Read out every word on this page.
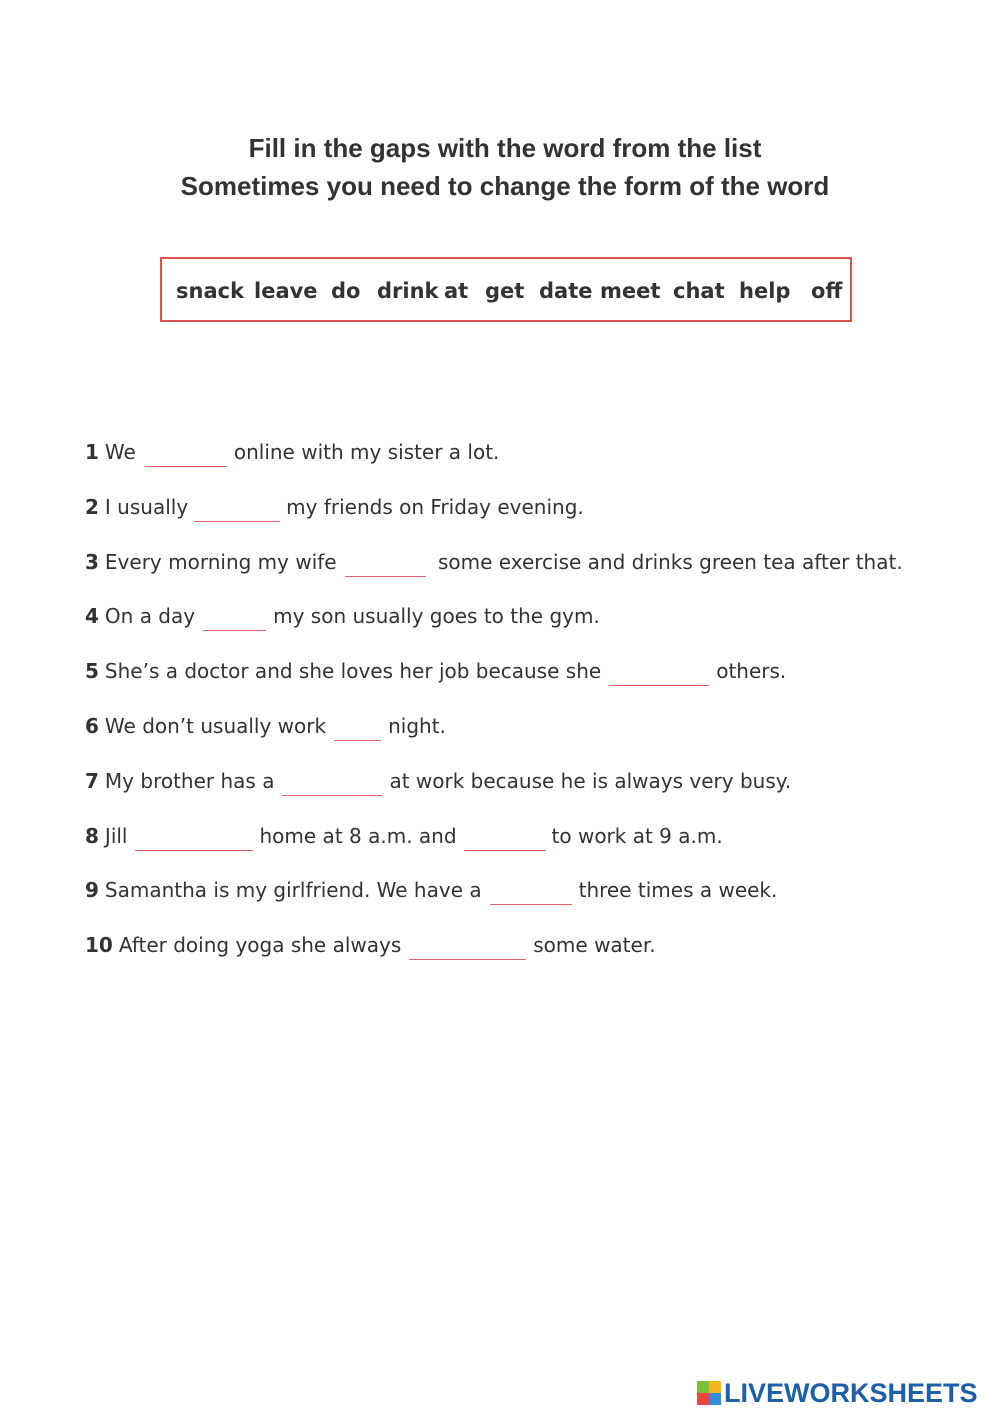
Fill in the gaps with the word from the list
Sometimes you need to change the form of the word
snack leave do drink at get date meet chat help off
1 We	online with my sister a lot.
2 I usually	my friends on Friday evening.
3 Every morning my wife	some exercise and drinks green tea after that.
4 On a day	my son usually goes to the gym.
5 She’s a doctor and she loves her job because she	others.
6 We don’t usually work	night.
7 My brother has a	at work because he is always very busy.
8 Jill	home at 8 a.m. and	to work at 9 a.m.
9 Samantha is my girlfriend. We have a	three times a week.
10 After doing yoga she always	some water.
LIVEWORKSHEETS
